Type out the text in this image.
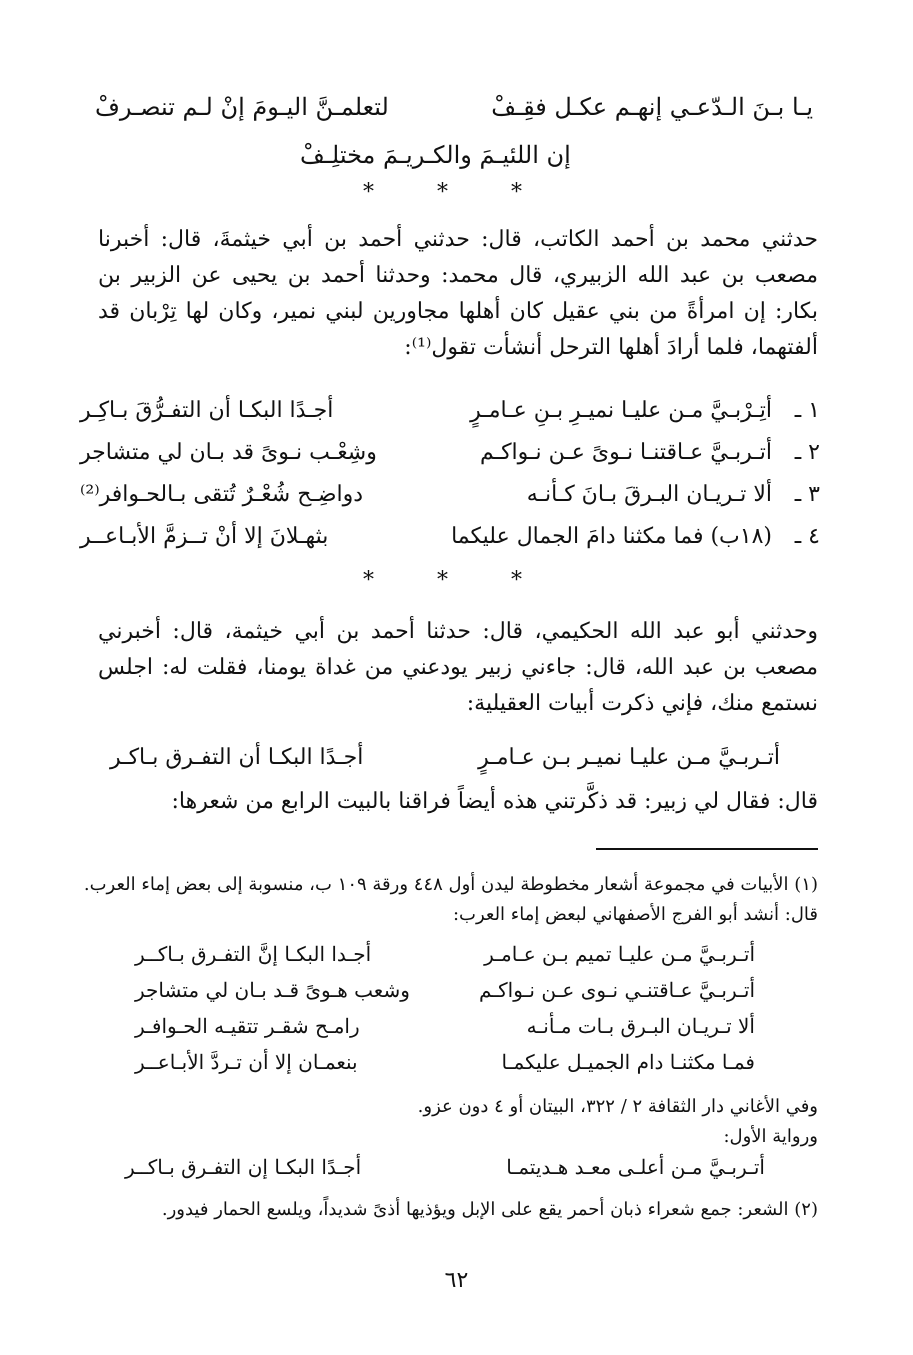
يـا بـنَ الـدّعـي إنهـم عكـل فقِـفْ
لتعلمـنَّ اليـومَ إنْ لـم تنصـرفْ
إن اللئيـمَ والكـريـمَ مختلِـفْ
* * *

حدثني محمد بن أحمد الكاتب، قال: حدثني أحمد بن أبي خيثمةَ، قال: أخبرنا مصعب بن عبد الله الزبيري، قال محمد: وحدثنا أحمد بن يحيى عن الزبير بن بكار: إن امرأةً من بني عقيل كان أهلها مجاورين لبني نمير، وكان لها تِرْبان قد ألفتهما، فلما أرادَ أهلها الترحل أنشأت تقول⁽¹⁾:

١ ـ
أتِـرْبـيَّ مـن عليـا نميـرِ بـنِ عـامـرٍ
أجـدًا البكـا أن التفـرُّقَ بـاكِـر
٢ ـ
أتـربـيَّ عـاقتنـا نـوىً عـن نـواكـم
وشِعْـب نـوىً قد بـان لي متشاجر
٣ ـ
ألا تـريـان البـرقَ بـانَ كـأنـه
دواضِـح شُعْـرٌ تُتقى بـالحـوافر⁽²⁾
٤ ـ
(١٨ب) فما مكثنا دامَ الجمال عليكما
بثهـلانَ إلا أنْ تــزمَّ الأبـاعــر
* * *

وحدثني أبو عبد الله الحكيمي، قال: حدثنا أحمد بن أبي خيثمة، قال: أخبرني مصعب بن عبد الله، قال: جاءني زبير يودعني من غداة يومنا، فقلت له: اجلس نستمع منك، فإني ذكرت أبيات العقيلية:

أتـربـيَّ مـن عليـا نميـر بـن عـامـرٍ
أجـدًا البكـا أن التفـرق بـاكـر

قال: فقال لي زبير: قد ذكَّرتني هذه أيضاً فراقنا بالبيت الرابع من شعرها:

(١) الأبيات في مجموعة أشعار مخطوطة ليدن أول ٤٤٨ ورقة ١٠٩ ب، منسوبة إلى بعض إماء العرب. قال: أنشد أبو الفرج الأصفهاني لبعض إماء العرب:
أتـربـيَّ مـن عليـا تميم بـن عـامـر
أجـدا البكـا إنَّ التفـرق بـاكــر
أتـربـيَّ عـاقتنـي نـوى عـن نـواكـم
وشعب هـوىً قـد بـان لي متشاجر
ألا تـريـان البـرق بـات مـأنـه
رامـح شقـر تتقيـه الحـوافـر
فمـا مكثنـا دام الجميـل عليكمـا
بنعمـان إلا أن تـردَّ الأبـاعــر
وفي الأغاني دار الثقافة ٢ / ٣٢٢، البيتان أو ٤ دون عزو.
ورواية الأول:
أتـربـيَّ مـن أعلـى معـد هـديتمـا
أجـدًا البكـا إن التفـرق بـاكــر
(٢) الشعر: جمع شعراء ذبان أحمر يقع على الإبل ويؤذيها أذىً شديداً، ويلسع الحمار فيدور.
٦٢
